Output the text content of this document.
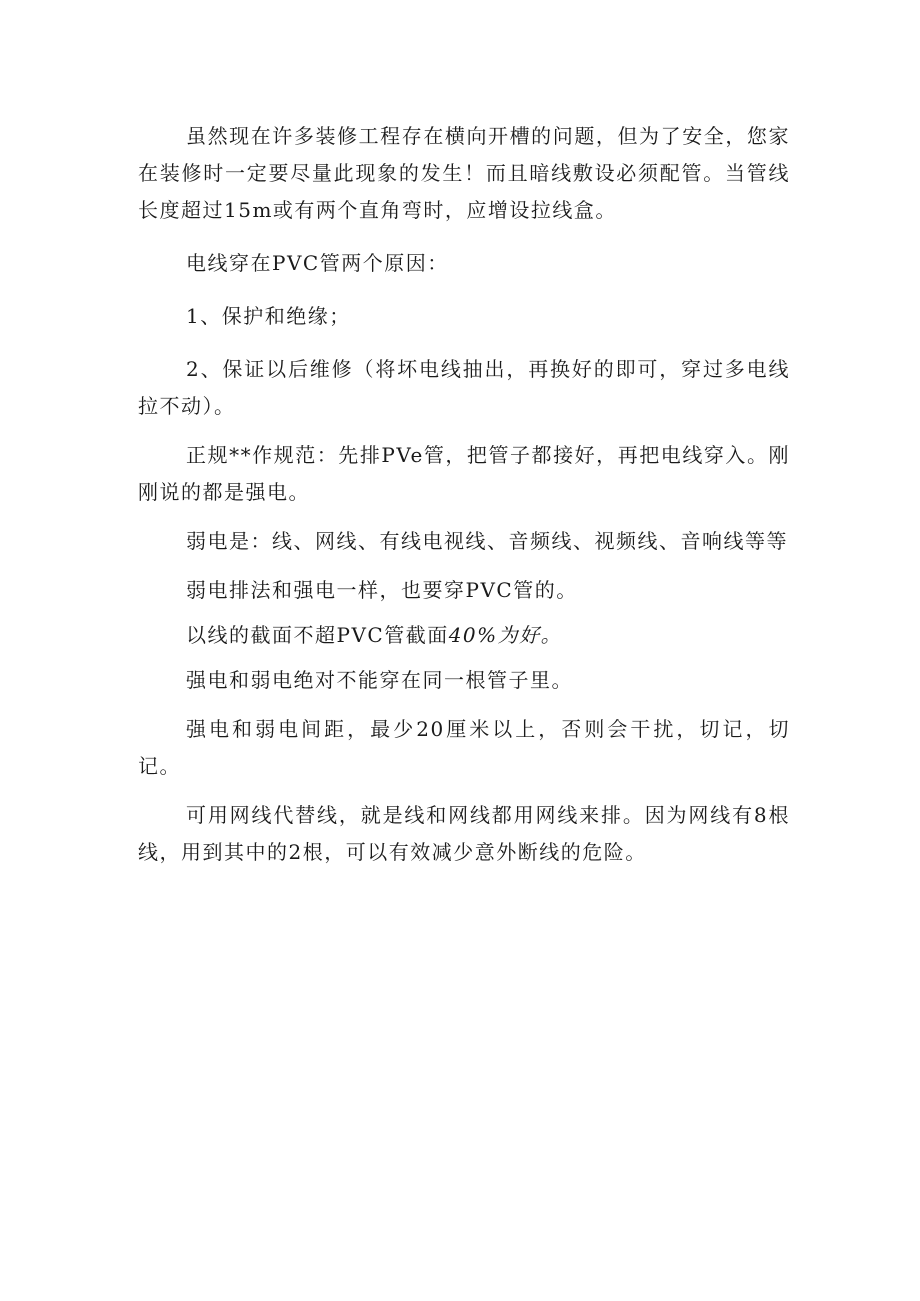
虽然现在许多装修工程存在横向开槽的问题，但为了安全，您家在装修时一定要尽量此现象的发生！而且暗线敷设必须配管。当管线长度超过15m或有两个直角弯时，应增设拉线盒。

电线穿在PVC管两个原因：

1、保护和绝缘；

2、保证以后维修（将坏电线抽出，再换好的即可，穿过多电线拉不动）。

正规**作规范：先排PVe管，把管子都接好，再把电线穿入。刚刚说的都是强电。

弱电是：线、网线、有线电视线、音频线、视频线、音响线等等

弱电排法和强电一样，也要穿PVC管的。

以线的截面不超PVC管截面40%为好。

强电和弱电绝对不能穿在同一根管子里。

强电和弱电间距，最少20厘米以上，否则会干扰，切记，切记。

可用网线代替线，就是线和网线都用网线来排。因为网线有8根线，用到其中的2根，可以有效减少意外断线的危险。
